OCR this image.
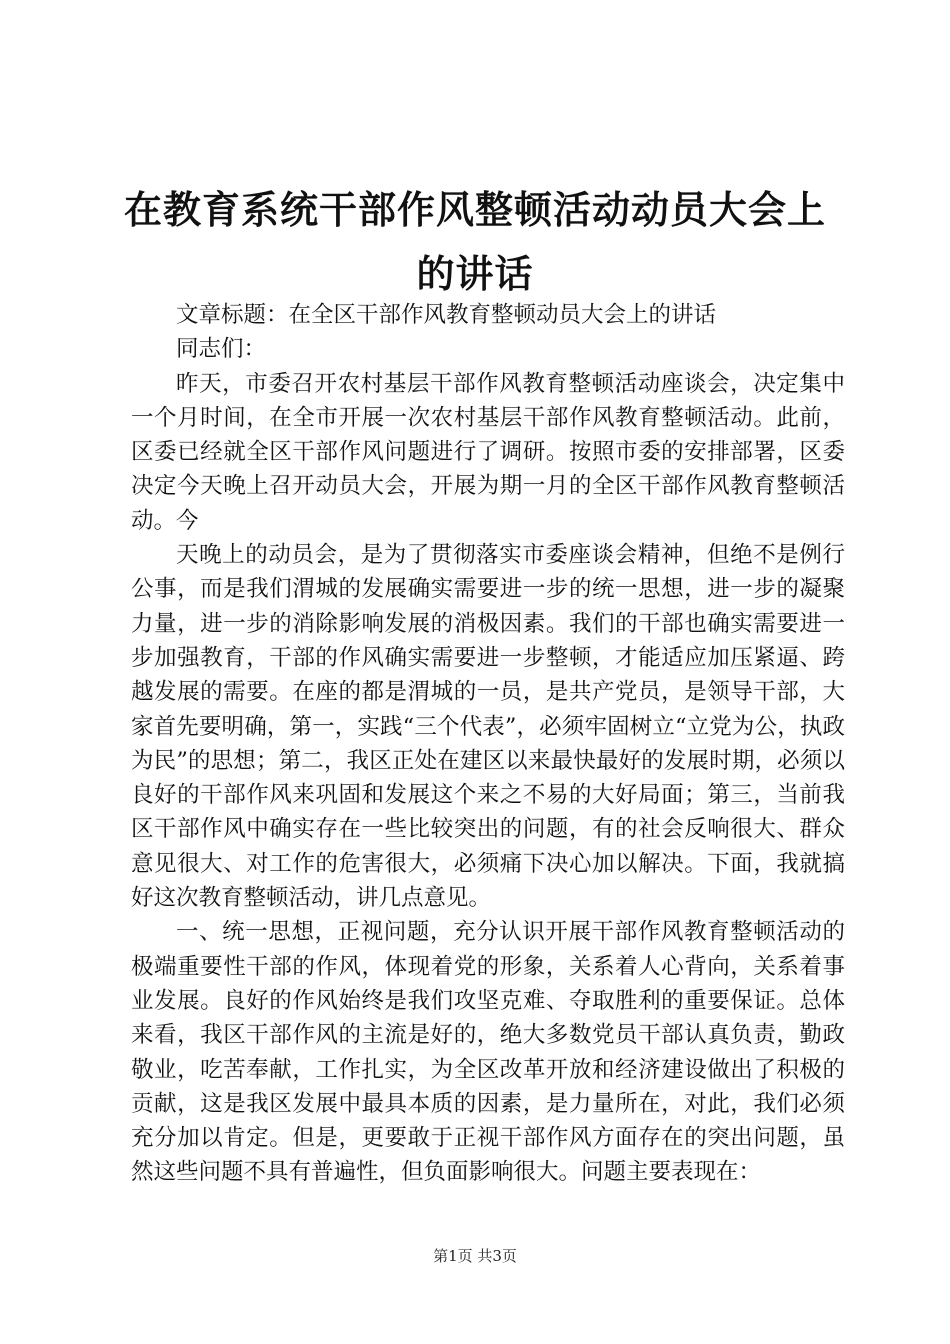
在教育系统干部作风整顿活动动员大会上的讲话

文章标题：在全区干部作风教育整顿动员大会上的讲话

同志们：

昨天，市委召开农村基层干部作风教育整顿活动座谈会，决定集中一个月时间，在全市开展一次农村基层干部作风教育整顿活动。此前，区委已经就全区干部作风问题进行了调研。按照市委的安排部署，区委决定今天晚上召开动员大会，开展为期一月的全区干部作风教育整顿活动。今

天晚上的动员会，是为了贯彻落实市委座谈会精神，但绝不是例行公事，而是我们渭城的发展确实需要进一步的统一思想，进一步的凝聚力量，进一步的消除影响发展的消极因素。我们的干部也确实需要进一步加强教育，干部的作风确实需要进一步整顿，才能适应加压紧逼、跨越发展的需要。在座的都是渭城的一员，是共产党员，是领导干部，大家首先要明确，第一，实践“三个代表”，必须牢固树立“立党为公，执政为民”的思想；第二，我区正处在建区以来最快最好的发展时期，必须以良好的干部作风来巩固和发展这个来之不易的大好局面；第三，当前我区干部作风中确实存在一些比较突出的问题，有的社会反响很大、群众意见很大、对工作的危害很大，必须痛下决心加以解决。下面，我就搞好这次教育整顿活动，讲几点意见。

一、统一思想，正视问题，充分认识开展干部作风教育整顿活动的极端重要性干部的作风，体现着党的形象，关系着人心背向，关系着事业发展。良好的作风始终是我们攻坚克难、夺取胜利的重要保证。总体来看，我区干部作风的主流是好的，绝大多数党员干部认真负责，勤政敬业，吃苦奉献，工作扎实，为全区改革开放和经济建设做出了积极的贡献，这是我区发展中最具本质的因素，是力量所在，对此，我们必须充分加以肯定。但是，更要敢于正视干部作风方面存在的突出问题，虽然这些问题不具有普遍性，但负面影响很大。问题主要表现在：

第1页 共3页
